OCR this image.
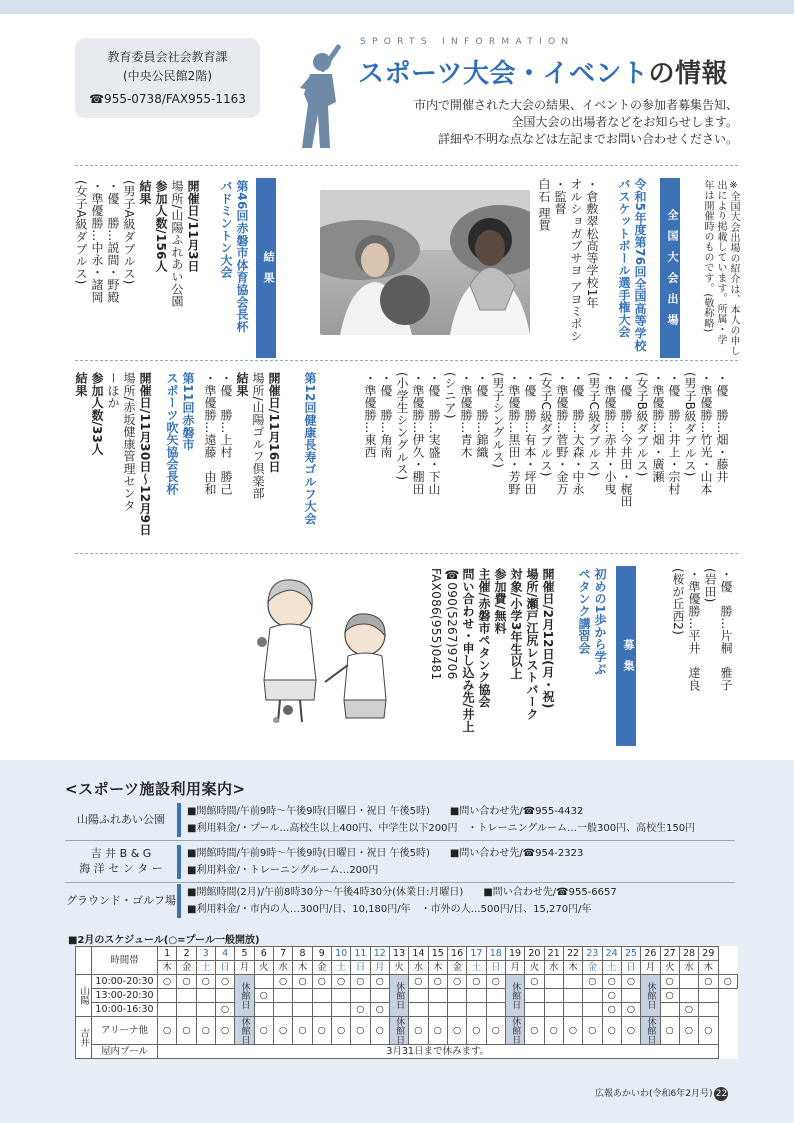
教育委員会社会教育課
(中央公民館2階)
☎955-0738/FAX955-1163
SPORTS INFORMATION
スポーツ大会・イベントの情報
市内で開催された大会の結果、イベントの参加者募集告知、
全国大会の出場者などをお知らせします。
詳細や不明な点などは左記までお問い合わせください。
※全国大会出場の紹介は、本人の申し
出により掲載しています。所属・学
年は開催時のものです。(敬称略)
全国大会出場
令和5年度第76回全国高等学校
バスケットボール選手権大会
・倉敷翠松高等学校1年
オルショガブサヨ アヨミポシ
・監督
白石 理賀
結果
第46回赤磐市体育協会長杯
バドミントン大会
開催日/11月3日
場所/山陽ふれあい公園
参加人数/156人
結果
(男子A級ダブルス)
・優　勝…説間・野殿
・準優勝…中永・諸岡
(女子A級ダブルス)
・優　勝…畑・藤井
・準優勝…竹光・山本
(男子B級ダブルス)
・優　勝…井上・宗村
・準優勝…畑・廣瀬
(女子B級ダブルス)
・優　勝…今井田・梶田
・準優勝…赤井・小曳
(男子C級ダブルス)
・優　勝…大森・中永
・準優勝…菅野・金万
(女子C級ダブルス)
・優　勝…有本・坪田
・準優勝…黒田・芳野
(男子シングルス)
・優　勝…錦織
・準優勝…青木
(シニア)
・優　勝…実盛・下山
・準優勝…伊久・棚田
(小学生シングルス)
・優　勝…角南
・準優勝…東西
第12回健康長寿ゴルフ大会
開催日/11月16日
場所/山陽ゴルフ倶楽部
結果
・優　勝…上村　勝己
・準優勝…遠藤　由和
第11回赤磐市
スポーツ吹矢協会長杯
開催日/11月30日〜12月9日
場所/赤坂健康管理センタ
ーほか
参加人数/33人
結果
・優　勝…片桐　雅子
(岩田)
・準優勝…平井　達良
(桜が丘西2)
募集
初めの1歩から学ぶ
ペタンク講習会
開催日/2月12日(月・祝)
場所/瀬戸江尻レストパーク
対象/小学3年生以上
参加費/無料
主催/赤磐市ペタンク協会
問い合わせ・申し込み先/井上
☎090(5267)9706
FAX086(955)0481
<スポーツ施設利用案内>
山陽ふれあい公園
■開館時間/午前9時〜午後9時(日曜日・祝日 午後5時)　　■問い合わせ先/☎955-4432
■利用料金/・プール…高校生以上400円、中学生以下200円　・トレーニングルーム…一般300円、高校生150円
吉 井 B & G
海 洋 セ ン タ ー
■開館時間/午前9時〜午後9時(日曜日・祝日 午後5時)　　■問い合わせ先/☎954-2323
■利用料金/・トレーニングルーム…200円
グラウンド・ゴルフ場
■開館時間(2月)/午前8時30分〜午後4時30分(休業日:月曜日)　　■問い合わせ先/☎955-6657
■利用料金/・市内の人…300円/日、10,180円/年　・市外の人…500円/日、15,270円/年
■2月のスケジュール(○=プール一般開放)
	時間帯	1	2	3	4	5	6	7	8	9	10	11	12	13	14	15	16	17	18	19	20	21	22	23	24	25	26	27	28	29	
		木	金	土	日	月	火	水	木	金	土	日	月	火	水	木	金	土	日	月	火	水	木	金	土	日	月	火	水	木	
山陽	10:00-20:30	○	○	○	○	休館日		○	○	○	○	○	○	休館日	○	○	○	○	○	休館日	○			○	○	○	休館日	○		○	○
	13:00-20:30						○																		○			○			
	10:00-16:30				○							○	○												○	○			○		
吉井	アリーナ他	○	○	○	○	休館日	○	○	○	○	○	○	○	休館日	○	○	○	○	○	休館日	○	○	○	○	○	○	休館日	○	○	○	
	屋内プール	3月31日まで休みます。																													
広報あかいわ(令和6年2月号) 22
